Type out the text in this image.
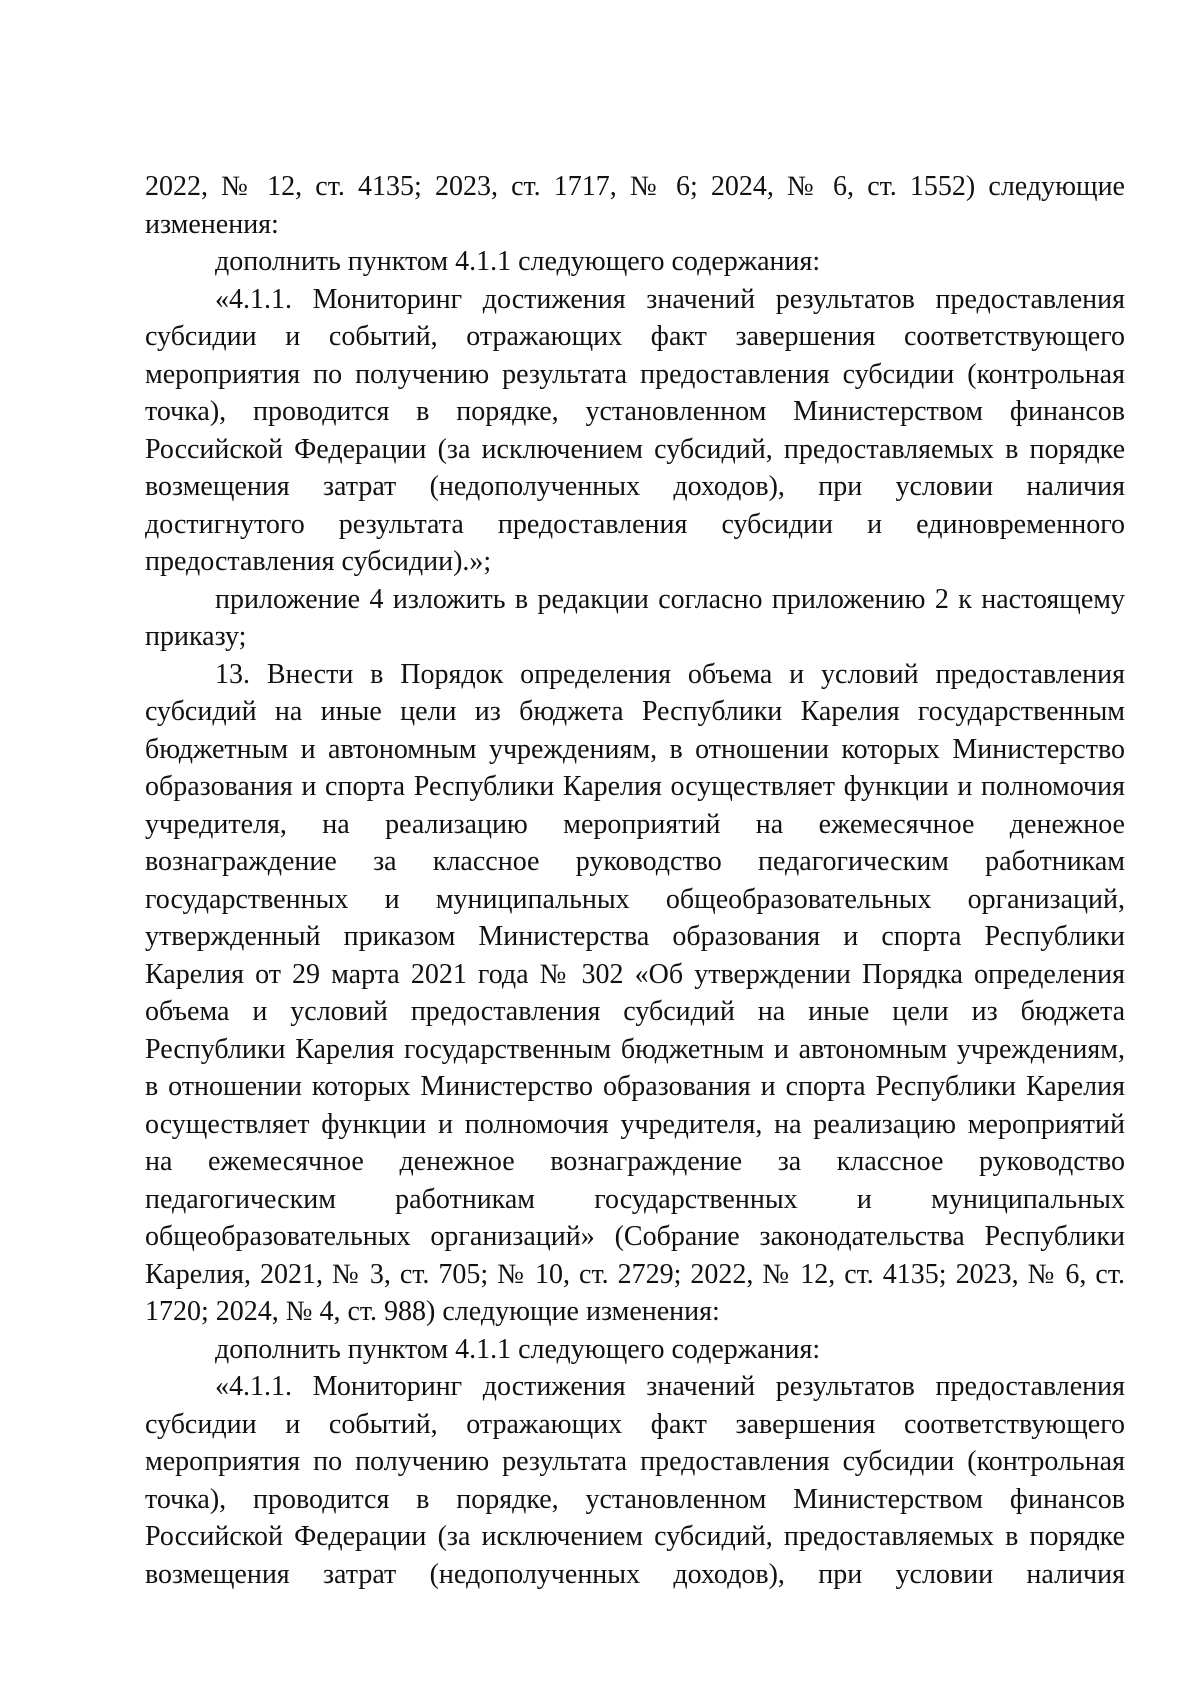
2022, № 12, ст. 4135; 2023, ст. 1717, № 6; 2024, № 6, ст. 1552) следующие изменения:

дополнить пунктом 4.1.1 следующего содержания:

«4.1.1. Мониторинг достижения значений результатов предоставления субсидии и событий, отражающих факт завершения соответствующего мероприятия по получению результата предоставления субсидии (контрольная точка), проводится в порядке, установленном Министерством финансов Российской Федерации (за исключением субсидий, предоставляемых в порядке возмещения затрат (недополученных доходов), при условии наличия достигнутого результата предоставления субсидии и единовременного предоставления субсидии).»;

приложение 4 изложить в редакции согласно приложению 2 к настоящему приказу;

13. Внести в Порядок определения объема и условий предоставления субсидий на иные цели из бюджета Республики Карелия государственным бюджетным и автономным учреждениям, в отношении которых Министерство образования и спорта Республики Карелия осуществляет функции и полномочия учредителя, на реализацию мероприятий на ежемесячное денежное вознаграждение за классное руководство педагогическим работникам государственных и муниципальных общеобразовательных организаций, утвержденный приказом Министерства образования и спорта Республики Карелия от 29 марта 2021 года № 302 «Об утверждении Порядка определения объема и условий предоставления субсидий на иные цели из бюджета Республики Карелия государственным бюджетным и автономным учреждениям, в отношении которых Министерство образования и спорта Республики Карелия осуществляет функции и полномочия учредителя, на реализацию мероприятий на ежемесячное денежное вознаграждение за классное руководство педагогическим работникам государственных и муниципальных общеобразовательных организаций» (Собрание законодательства Республики Карелия, 2021, № 3, ст. 705; № 10, ст. 2729; 2022, № 12, ст. 4135; 2023, № 6, ст. 1720; 2024, № 4, ст. 988) следующие изменения:

дополнить пунктом 4.1.1 следующего содержания:

«4.1.1. Мониторинг достижения значений результатов предоставления субсидии и событий, отражающих факт завершения соответствующего мероприятия по получению результата предоставления субсидии (контрольная точка), проводится в порядке, установленном Министерством финансов Российской Федерации (за исключением субсидий, предоставляемых в порядке возмещения затрат (недополученных доходов), при условии наличия
